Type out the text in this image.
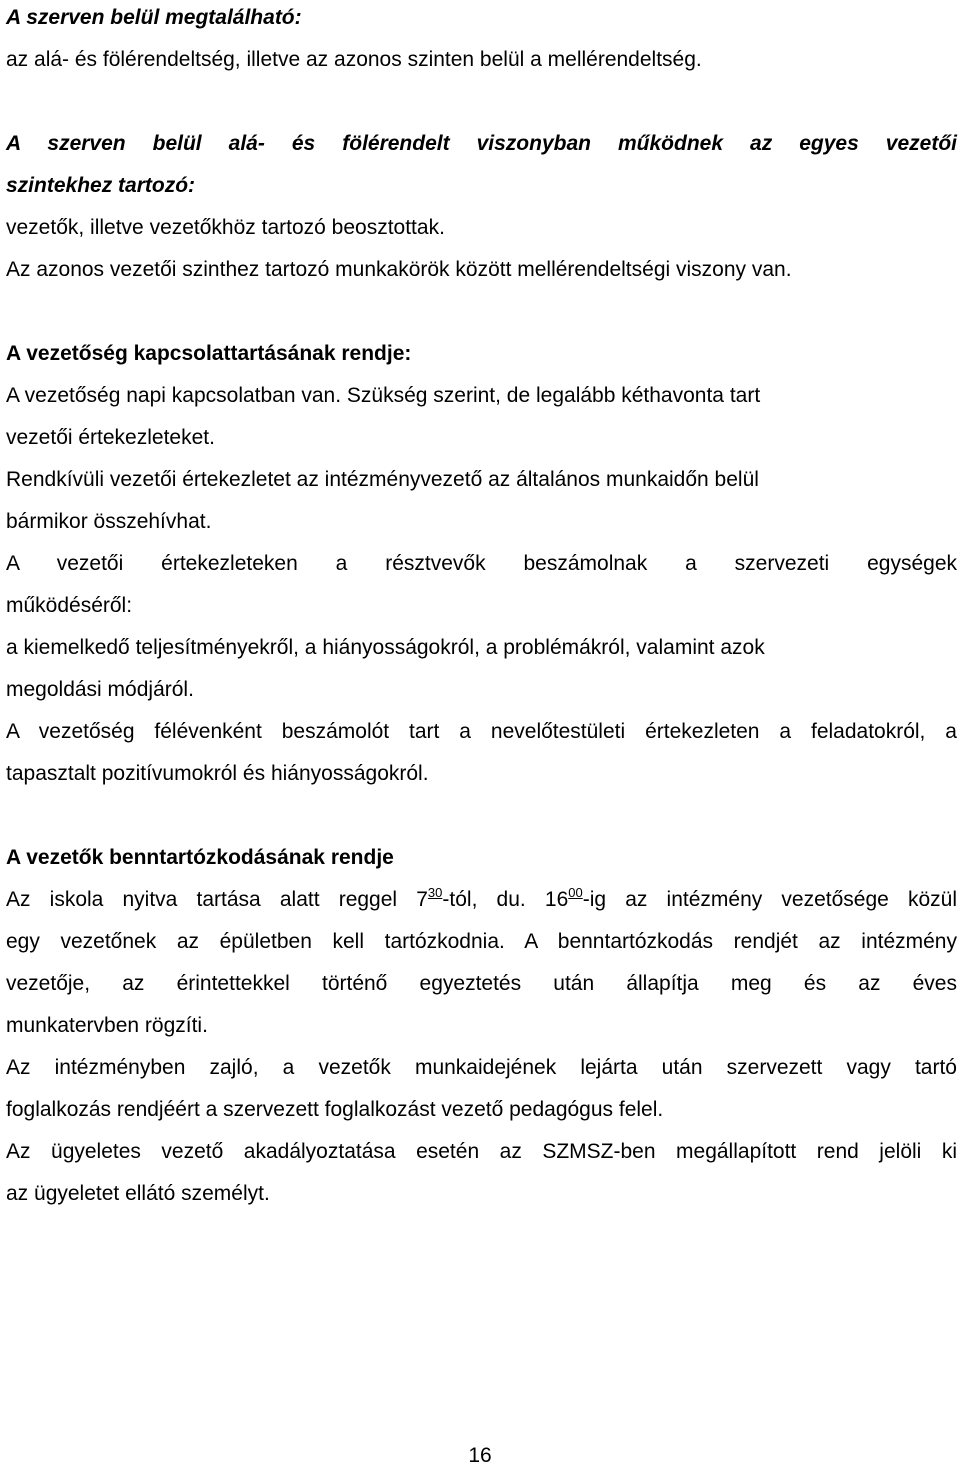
A szerven belül megtalálható:

az alá- és fölérendeltség, illetve az azonos szinten belül a mellérendeltség.

A szerven belül alá- és fölérendelt viszonyban működnek az egyes vezetői

szintekhez tartozó:

vezetők, illetve vezetőkhöz tartozó beosztottak.

Az azonos vezetői szinthez tartozó munkakörök között mellérendeltségi viszony van.

A vezetőség kapcsolattartásának rendje:

A vezetőség napi kapcsolatban van. Szükség szerint, de legalább kéthavonta tart

vezetői értekezleteket.

Rendkívüli vezetői értekezletet az intézményvezető az általános munkaidőn belül

bármikor összehívhat.

A vezetői értekezleteken a résztvevők beszámolnak a szervezeti egységek

működéséről:

a kiemelkedő teljesítményekről, a hiányosságokról, a problémákról, valamint azok

megoldási módjáról.

A vezetőség félévenként beszámolót tart a nevelőtestületi értekezleten a feladatokról, a

tapasztalt pozitívumokról és hiányosságokról.

A vezetők benntartózkodásának rendje

Az iskola nyitva tartása alatt reggel $7^{30}$-tól, du. $16^{00}-ig$ az intézmény vezetősége közül

egy vezetőnek az épületben kell tartózkodnia. A benntartózkodás rendjét az intézmény

vezetője, az érintettekkel történő egyeztetés után állapítja meg és az éves

munkatervben rögzíti.

Az intézményben zajló, a vezetők munkaidejének lejárta után szervezett vagy tartó

foglalkozás rendjéért a szervezett foglalkozást vezető pedagógus felel.

Az ügyeletes vezető akadályoztatása esetén az SZMSZ-ben megállapított rend jelöli ki

az ügyeletet ellátó személyt.

16
